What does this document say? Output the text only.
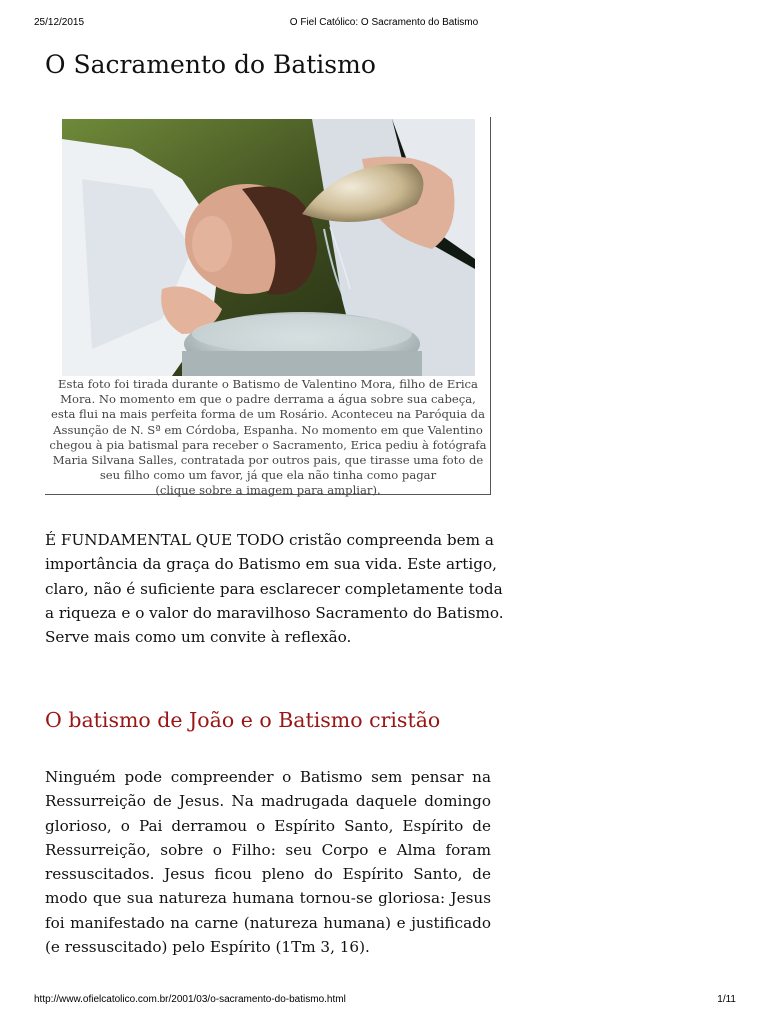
25/12/2015	O Fiel Católico: O Sacramento do Batismo
O Sacramento do Batismo
Esta foto foi tirada durante o Batismo de Valentino Mora, filho de Erica
Mora. No momento em que o padre derrama a água sobre sua cabeça,
esta flui na mais perfeita forma de um Rosário. Aconteceu na Paróquia da
Assunção de N. Sª em Córdoba, Espanha. No momento em que Valentino
chegou à pia batismal para receber o Sacramento, Erica pediu à fotógrafa
Maria Silvana Salles, contratada por outros pais, que tirasse uma foto de
seu filho como um favor, já que ela não tinha como pagar
(clique sobre a imagem para ampliar).
É FUNDAMENTAL QUE TODO cristão compreenda bem a
importância da graça do Batismo em sua vida. Este artigo,
claro, não é suficiente para esclarecer completamente toda
a riqueza e o valor do maravilhoso Sacramento do Batismo.
Serve mais como um convite à reflexão.
O batismo de João e o Batismo cristão
Ninguém pode compreender o Batismo sem pensar na
Ressurreição de Jesus. Na madrugada daquele domingo
glorioso, o Pai derramou o Espírito Santo, Espírito de
Ressurreição, sobre o Filho: seu Corpo e Alma foram
ressuscitados. Jesus ficou pleno do Espírito Santo, de
modo que sua natureza humana tornou-se gloriosa: Jesus
foi manifestado na carne (natureza humana) e justificado
(e ressuscitado) pelo Espírito (1Tm 3, 16).
http://www.ofielcatolico.com.br/2001/03/o-sacramento-do-batismo.html	1/11
